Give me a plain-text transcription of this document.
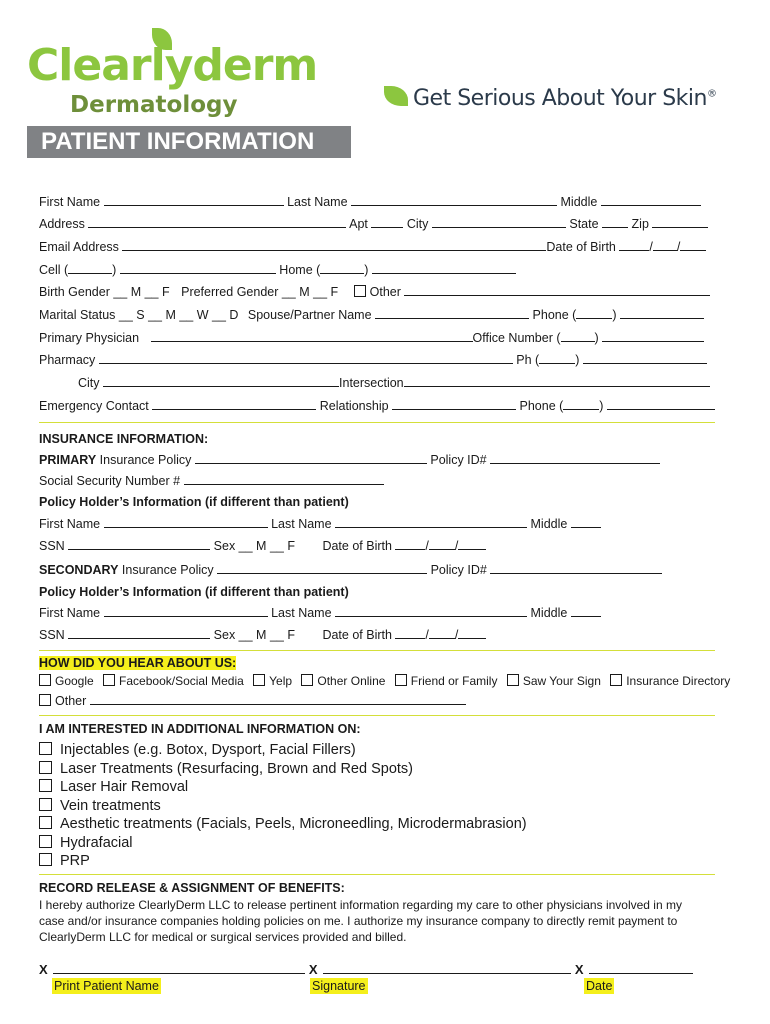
Clearlyderm
Dermatology	Get Serious About Your Skin®
PATIENT INFORMATION
First Name	Last Name	Middle
Address	Apt	City	State	Zip
Email Address	Date of Birth	/ /
Cell (	)	Home (	)
Birth Gender __ M __ F Preferred Gender __ M __ F	Other
Marital Status __ S __ M __ W __ D Spouse/Partner Name	Phone (	)
Primary Physician	Office Number (	)
Pharmacy	Ph (	)
City	Intersection
Emergency Contact	Relationship	Phone (	)
INSURANCE INFORMATION:
PRIMARY Insurance Policy	Policy ID#
Social Security Number #
Policy Holder’s Information (if different than patient)
First Name	Last Name	Middle
SSN	Sex __ M __ F Date of Birth	/ /
SECONDARY Insurance Policy	Policy ID#
Policy Holder’s Information (if different than patient)
First Name	Last Name	Middle
SSN	Sex __ M __ F Date of Birth	/ /
HOW DID YOU HEAR ABOUT US:
Google Facebook/Social Media Yelp Other Online Friend or Family Saw Your Sign Insurance Directory
Other
I AM INTERESTED IN ADDITIONAL INFORMATION ON:
Injectables (e.g. Botox, Dysport, Facial Fillers)
Laser Treatments (Resurfacing, Brown and Red Spots)
Laser Hair Removal
Vein treatments
Aesthetic treatments (Facials, Peels, Microneedling, Microdermabrasion)
Hydrafacial
PRP
RECORD RELEASE & ASSIGNMENT OF BENEFITS:
I hereby authorize ClearlyDerm LLC to release pertinent information regarding my care to other physicians involved in my case and/or insurance companies holding policies on me. I authorize my insurance company to directly remit payment to ClearlyDerm LLC for medical or surgical services provided and billed.
X	X	X
Print Patient Name	Signature	Date
